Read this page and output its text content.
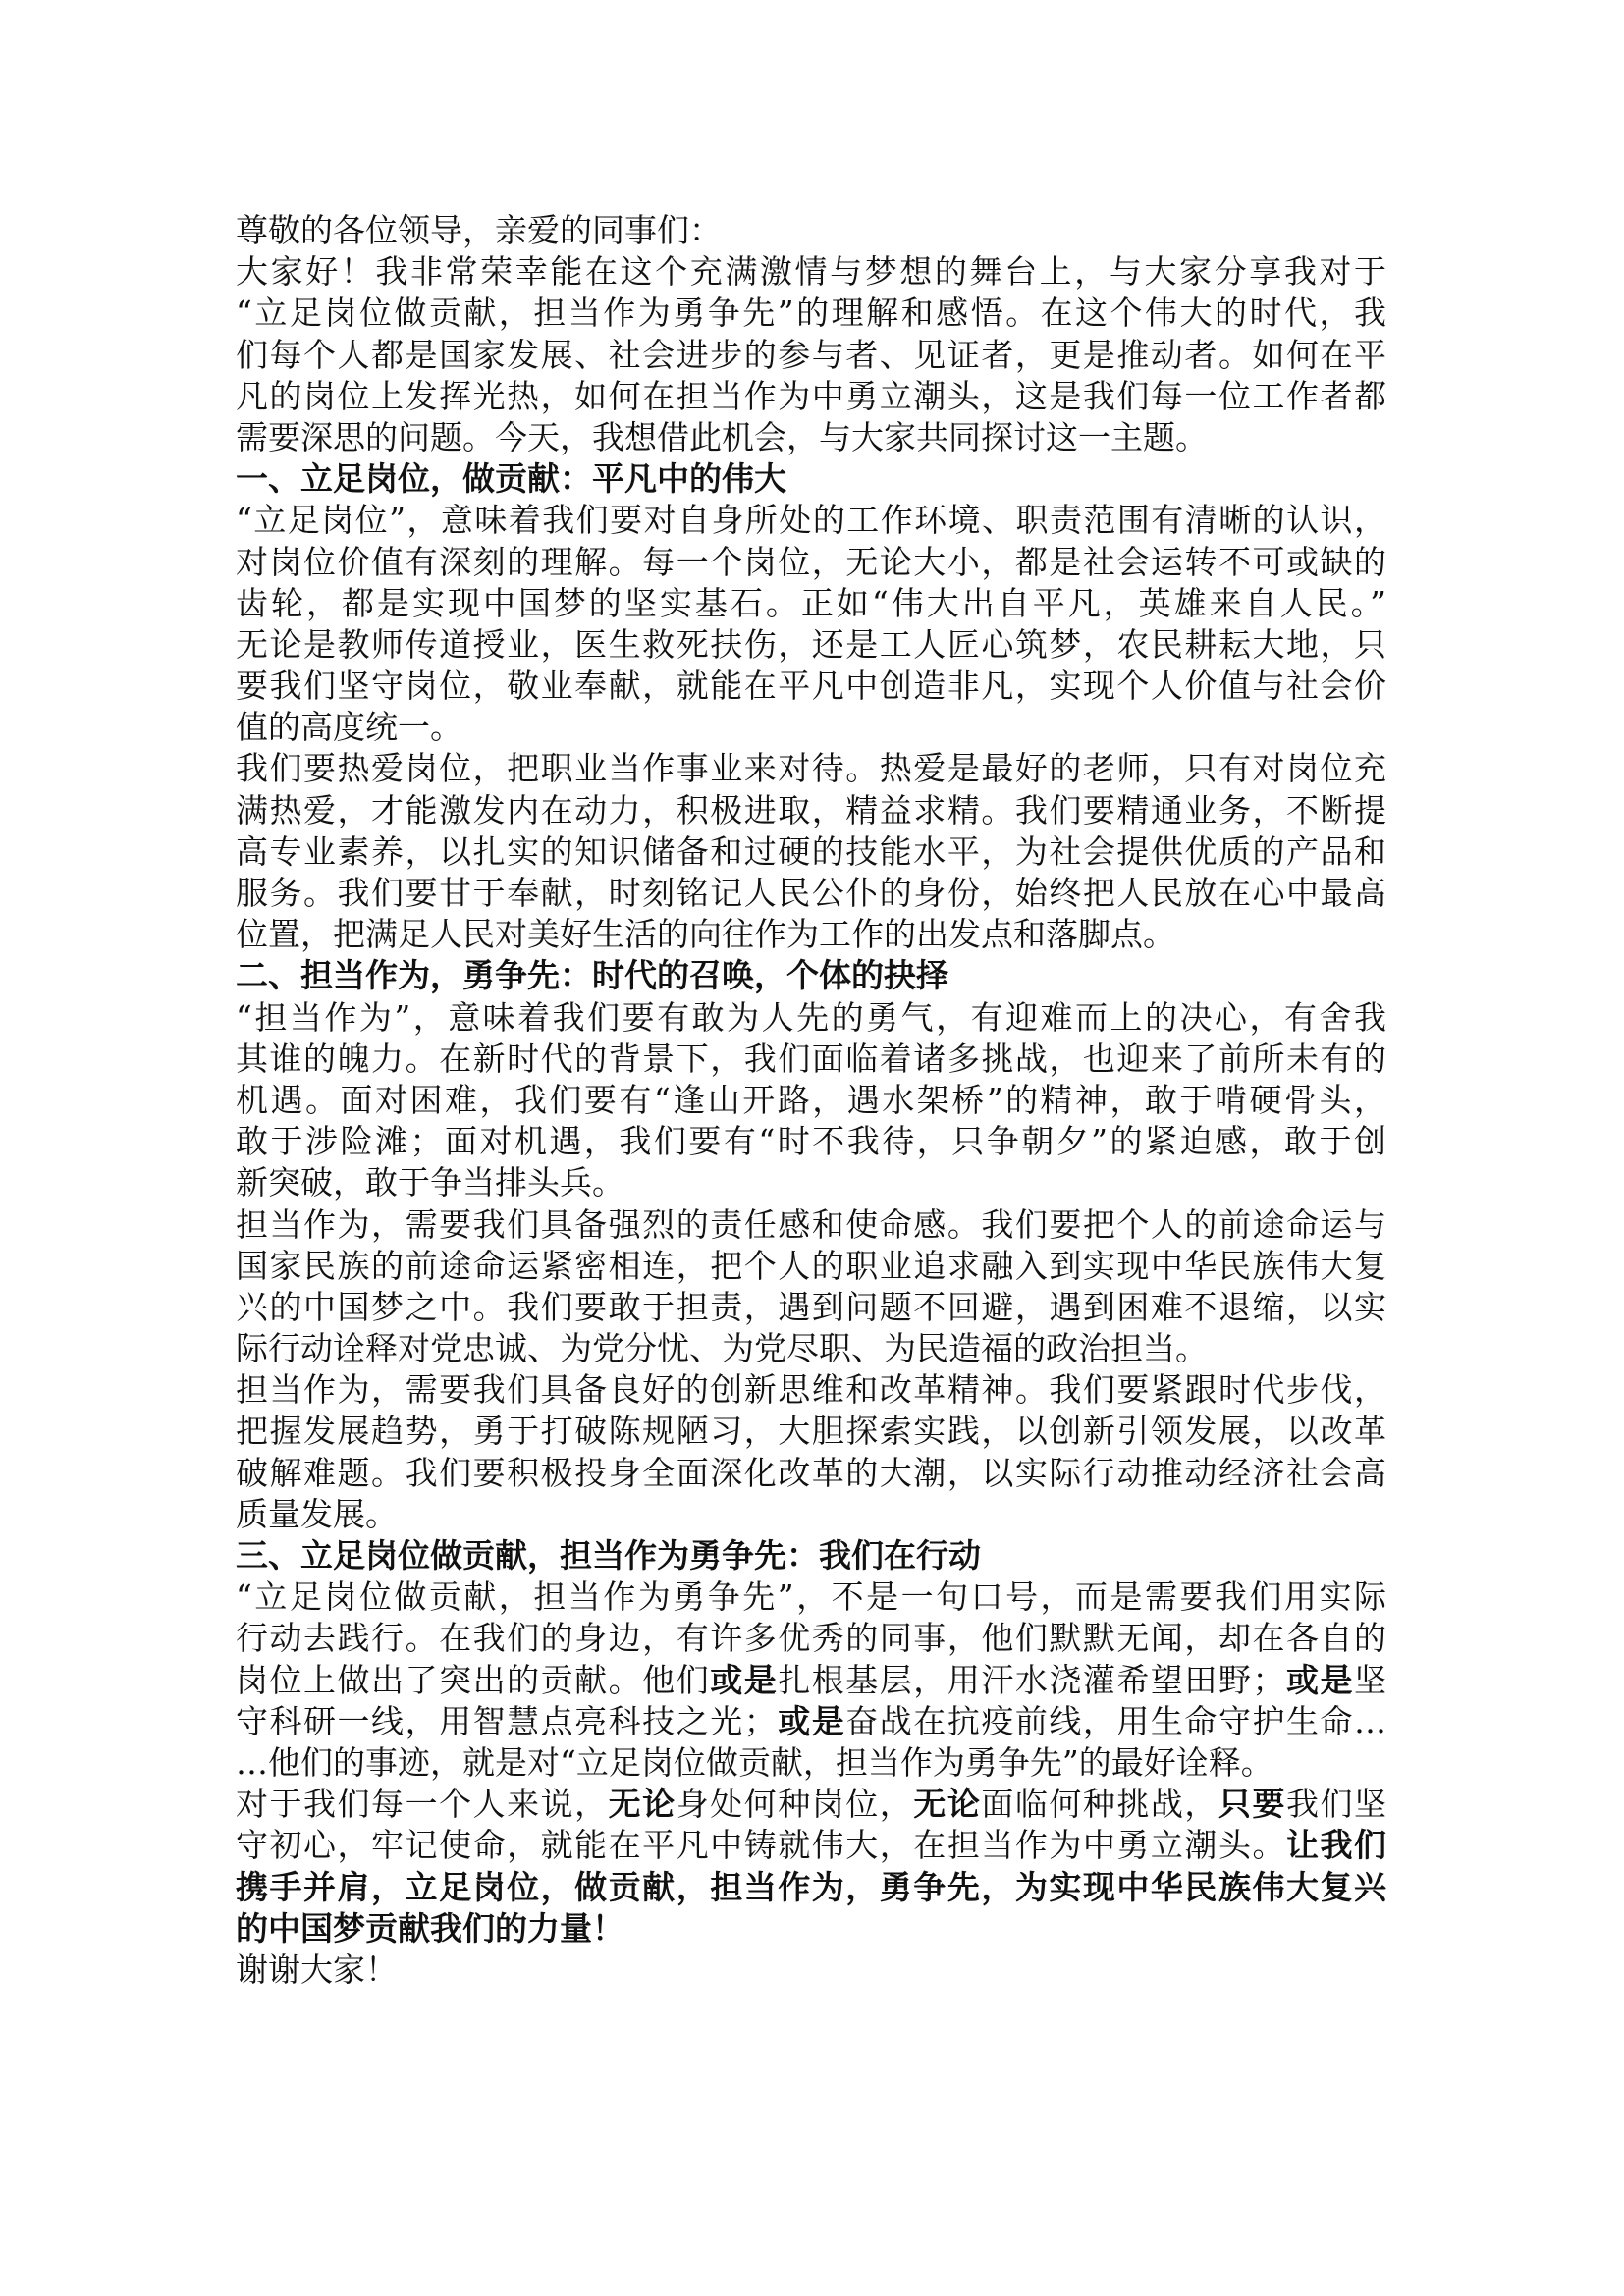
尊敬的各位领导，亲爱的同事们：
大家好！我非常荣幸能在这个充满激情与梦想的舞台上，与大家分享我对于
“立足岗位做贡献，担当作为勇争先”的理解和感悟。在这个伟大的时代，我
们每个人都是国家发展、社会进步的参与者、见证者，更是推动者。如何在平
凡的岗位上发挥光热，如何在担当作为中勇立潮头，这是我们每一位工作者都
需要深思的问题。今天，我想借此机会，与大家共同探讨这一主题。
一、立足岗位，做贡献：平凡中的伟大
“立足岗位”，意味着我们要对自身所处的工作环境、职责范围有清晰的认识，
对岗位价值有深刻的理解。每一个岗位，无论大小，都是社会运转不可或缺的
齿轮，都是实现中国梦的坚实基石。正如“伟大出自平凡，英雄来自人民。”
无论是教师传道授业，医生救死扶伤，还是工人匠心筑梦，农民耕耘大地，只
要我们坚守岗位，敬业奉献，就能在平凡中创造非凡，实现个人价值与社会价
值的高度统一。
我们要热爱岗位，把职业当作事业来对待。热爱是最好的老师，只有对岗位充
满热爱，才能激发内在动力，积极进取，精益求精。我们要精通业务，不断提
高专业素养，以扎实的知识储备和过硬的技能水平，为社会提供优质的产品和
服务。我们要甘于奉献，时刻铭记人民公仆的身份，始终把人民放在心中最高
位置，把满足人民对美好生活的向往作为工作的出发点和落脚点。
二、担当作为，勇争先：时代的召唤，个体的抉择
“担当作为”，意味着我们要有敢为人先的勇气，有迎难而上的决心，有舍我
其谁的魄力。在新时代的背景下，我们面临着诸多挑战，也迎来了前所未有的
机遇。面对困难，我们要有“逢山开路，遇水架桥”的精神，敢于啃硬骨头，
敢于涉险滩；面对机遇，我们要有“时不我待，只争朝夕”的紧迫感，敢于创
新突破，敢于争当排头兵。
担当作为，需要我们具备强烈的责任感和使命感。我们要把个人的前途命运与
国家民族的前途命运紧密相连，把个人的职业追求融入到实现中华民族伟大复
兴的中国梦之中。我们要敢于担责，遇到问题不回避，遇到困难不退缩，以实
际行动诠释对党忠诚、为党分忧、为党尽职、为民造福的政治担当。
担当作为，需要我们具备良好的创新思维和改革精神。我们要紧跟时代步伐，
把握发展趋势，勇于打破陈规陋习，大胆探索实践，以创新引领发展，以改革
破解难题。我们要积极投身全面深化改革的大潮，以实际行动推动经济社会高
质量发展。
三、立足岗位做贡献，担当作为勇争先：我们在行动
“立足岗位做贡献，担当作为勇争先”，不是一句口号，而是需要我们用实际
行动去践行。在我们的身边，有许多优秀的同事，他们默默无闻，却在各自的
岗位上做出了突出的贡献。他们或是扎根基层，用汗水浇灌希望田野；或是坚
守科研一线，用智慧点亮科技之光；或是奋战在抗疫前线，用生命守护生命…
…他们的事迹，就是对“立足岗位做贡献，担当作为勇争先”的最好诠释。
对于我们每一个人来说，无论身处何种岗位，无论面临何种挑战，只要我们坚
守初心，牢记使命，就能在平凡中铸就伟大，在担当作为中勇立潮头。让我们
携手并肩，立足岗位，做贡献，担当作为，勇争先，为实现中华民族伟大复兴
的中国梦贡献我们的力量！
谢谢大家！
